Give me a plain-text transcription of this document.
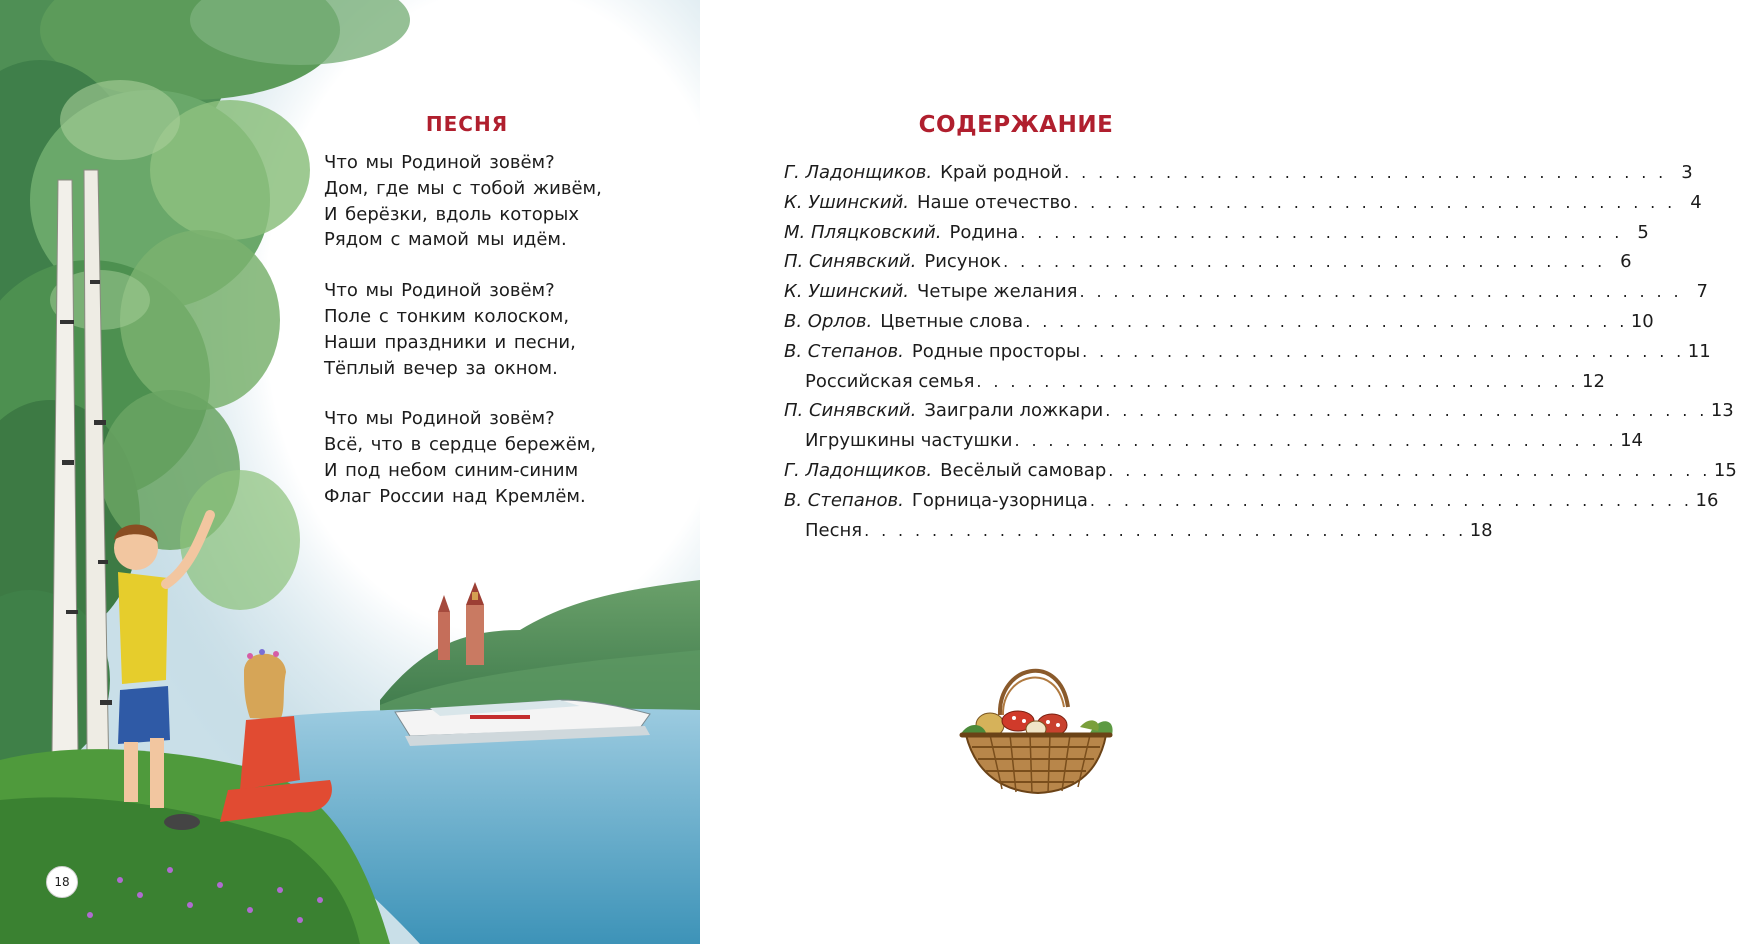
ПЕСНЯ
Что мы Родиной зовём?
Дом, где мы с тобой живём,
И берёзки, вдоль которых
Рядом с мамой мы идём.
Что мы Родиной зовём?
Поле с тонким колоском,
Наши праздники и песни,
Тёплый вечер за окном.
Что мы Родиной зовём?
Всё, что в сердце бережём,
И под небом синим-синим
Флаг России над Кремлём.
18
СОДЕРЖАНИЕ
Г. Ладонщиков. Край родной . . . . . . . . . . . . . . . . . . . . . . . . . . . . . . . . . . . . 3
К. Ушинский. Наше отечество . . . . . . . . . . . . . . . . . . . . . . . . . . . . . . . . . . . . 4
М. Пляцковский. Родина . . . . . . . . . . . . . . . . . . . . . . . . . . . . . . . . . . . . 5
П. Синявский. Рисунок . . . . . . . . . . . . . . . . . . . . . . . . . . . . . . . . . . . . 6
К. Ушинский. Четыре желания . . . . . . . . . . . . . . . . . . . . . . . . . . . . . . . . . . . . 7
В. Орлов. Цветные слова . . . . . . . . . . . . . . . . . . . . . . . . . . . . . . . . . . . . 10
В. Степанов. Родные просторы . . . . . . . . . . . . . . . . . . . . . . . . . . . . . . . . . . . . 11
Российская семья . . . . . . . . . . . . . . . . . . . . . . . . . . . . . . . . . . . . 12
П. Синявский. Заиграли ложкари . . . . . . . . . . . . . . . . . . . . . . . . . . . . . . . . . . . . 13
Игрушкины частушки . . . . . . . . . . . . . . . . . . . . . . . . . . . . . . . . . . . . 14
Г. Ладонщиков. Весёлый самовар . . . . . . . . . . . . . . . . . . . . . . . . . . . . . . . . . . . . 15
В. Степанов. Горница-узорница . . . . . . . . . . . . . . . . . . . . . . . . . . . . . . . . . . . . 16
Песня . . . . . . . . . . . . . . . . . . . . . . . . . . . . . . . . . . . . 18
